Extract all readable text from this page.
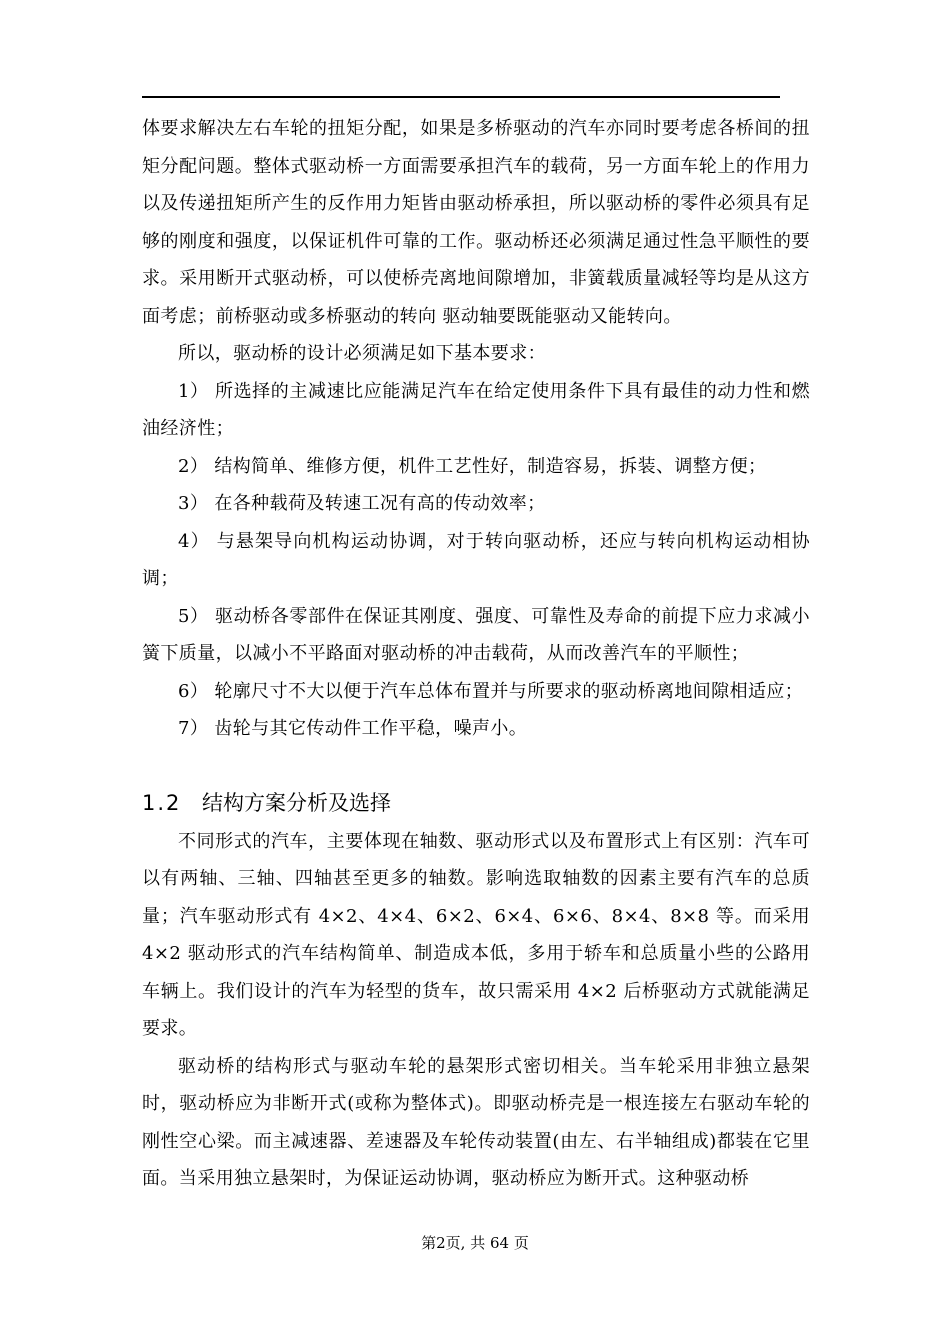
体要求解决左右车轮的扭矩分配，如果是多桥驱动的汽车亦同时要考虑各桥间的扭矩分配问题。整体式驱动桥一方面需要承担汽车的载荷，另一方面车轮上的作用力以及传递扭矩所产生的反作用力矩皆由驱动桥承担，所以驱动桥的零件必须具有足够的刚度和强度，以保证机件可靠的工作。驱动桥还必须满足通过性急平顺性的要求。采用断开式驱动桥，可以使桥壳离地间隙增加，非簧载质量减轻等均是从这方面考虑；前桥驱动或多桥驱动的转向 驱动轴要既能驱动又能转向。

所以，驱动桥的设计必须满足如下基本要求：

1） 所选择的主减速比应能满足汽车在给定使用条件下具有最佳的动力性和燃油经济性；

2） 结构简单、维修方便，机件工艺性好，制造容易，拆装、调整方便；

3） 在各种载荷及转速工况有高的传动效率；

4） 与悬架导向机构运动协调，对于转向驱动桥，还应与转向机构运动相协调；

5） 驱动桥各零部件在保证其刚度、强度、可靠性及寿命的前提下应力求减小簧下质量，以减小不平路面对驱动桥的冲击载荷，从而改善汽车的平顺性；

6） 轮廓尺寸不大以便于汽车总体布置并与所要求的驱动桥离地间隙相适应；

7） 齿轮与其它传动件工作平稳，噪声小。

1.2 结构方案分析及选择

不同形式的汽车，主要体现在轴数、驱动形式以及布置形式上有区别：汽车可以有两轴、三轴、四轴甚至更多的轴数。影响选取轴数的因素主要有汽车的总质量；汽车驱动形式有 4×2、4×4、6×2、6×4、6×6、8×4、8×8 等。而采用 4×2 驱动形式的汽车结构简单、制造成本低，多用于轿车和总质量小些的公路用车辆上。我们设计的汽车为轻型的货车，故只需采用 4×2 后桥驱动方式就能满足要求。

驱动桥的结构形式与驱动车轮的悬架形式密切相关。当车轮采用非独立悬架时，驱动桥应为非断开式(或称为整体式)。即驱动桥壳是一根连接左右驱动车轮的刚性空心梁。而主减速器、差速器及车轮传动装置(由左、右半轴组成)都装在它里面。当采用独立悬架时，为保证运动协调，驱动桥应为断开式。这种驱动桥

第2页, 共 64 页
